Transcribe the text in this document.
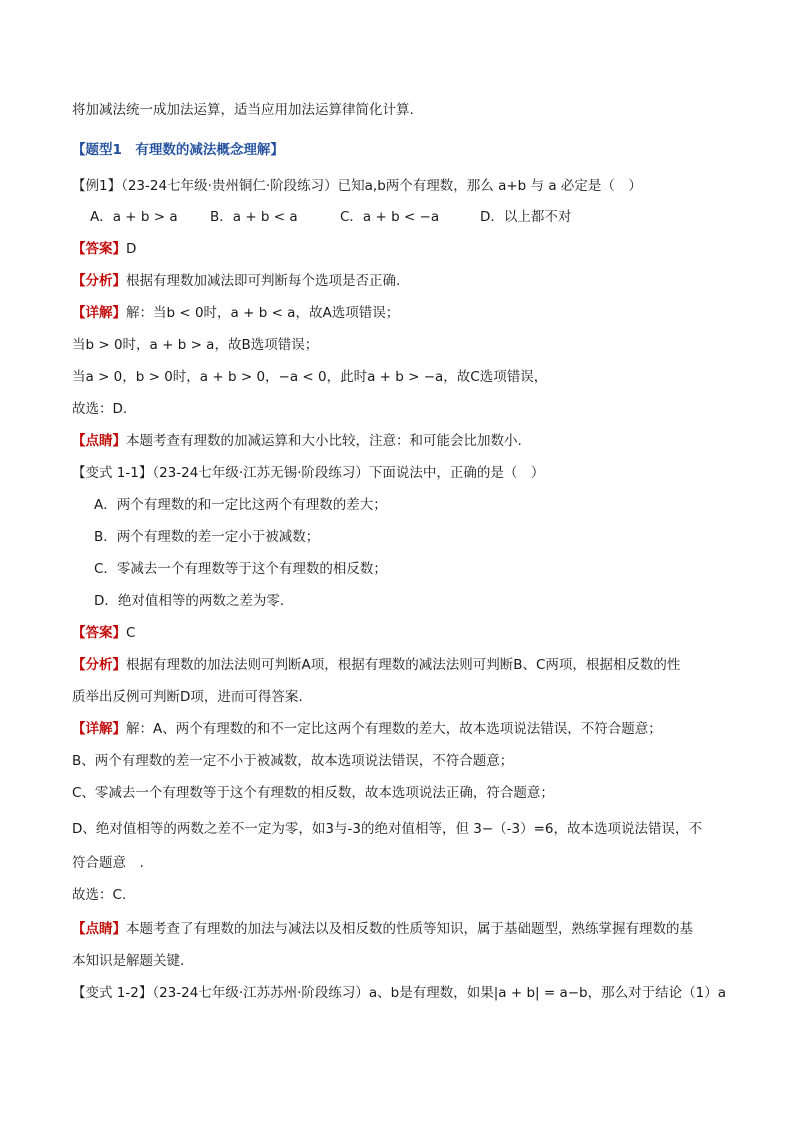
将加减法统一成加法运算，适当应用加法运算律简化计算.
【题型1　有理数的减法概念理解】
【例1】（23-24七年级·贵州铜仁·阶段练习）已知a,b两个有理数，那么 a+b 与 a 必定是（　）
A．a + b > a B．a + b < a	C．a + b < −a	D．以上都不对
【答案】D
【分析】根据有理数加减法即可判断每个选项是否正确.
【详解】解：当b < 0时，a + b < a，故A选项错误；
当b > 0时，a + b > a，故B选项错误；
当a > 0，b > 0时，a + b > 0，−a < 0，此时a + b > −a，故C选项错误，
故选：D.
【点睛】本题考查有理数的加减运算和大小比较，注意：和可能会比加数小.
【变式 1-1】（23-24七年级·江苏无锡·阶段练习）下面说法中，正确的是（　）
A．两个有理数的和一定比这两个有理数的差大；
B．两个有理数的差一定小于被减数；
C．零减去一个有理数等于这个有理数的相反数；
D．绝对值相等的两数之差为零.
【答案】C
【分析】根据有理数的加法法则可判断A项，根据有理数的减法法则可判断B、C两项，根据相反数的性
质举出反例可判断D项，进而可得答案.
【详解】解：A、两个有理数的和不一定比这两个有理数的差大，故本选项说法错误，不符合题意；
B、两个有理数的差一定不小于被减数，故本选项说法错误，不符合题意；
C、零减去一个有理数等于这个有理数的相反数，故本选项说法正确，符合题意；
D、绝对值相等的两数之差不一定为零，如3与-3的绝对值相等，但 3−（-3）=6，故本选项说法错误，不
符合题意　.
故选：C.
【点睛】本题考查了有理数的加法与减法以及相反数的性质等知识，属于基础题型，熟练掌握有理数的基
本知识是解题关键.
【变式 1-2】（23-24七年级·江苏苏州·阶段练习）a、b是有理数，如果|a + b| = a−b，那么对于结论（1）a
